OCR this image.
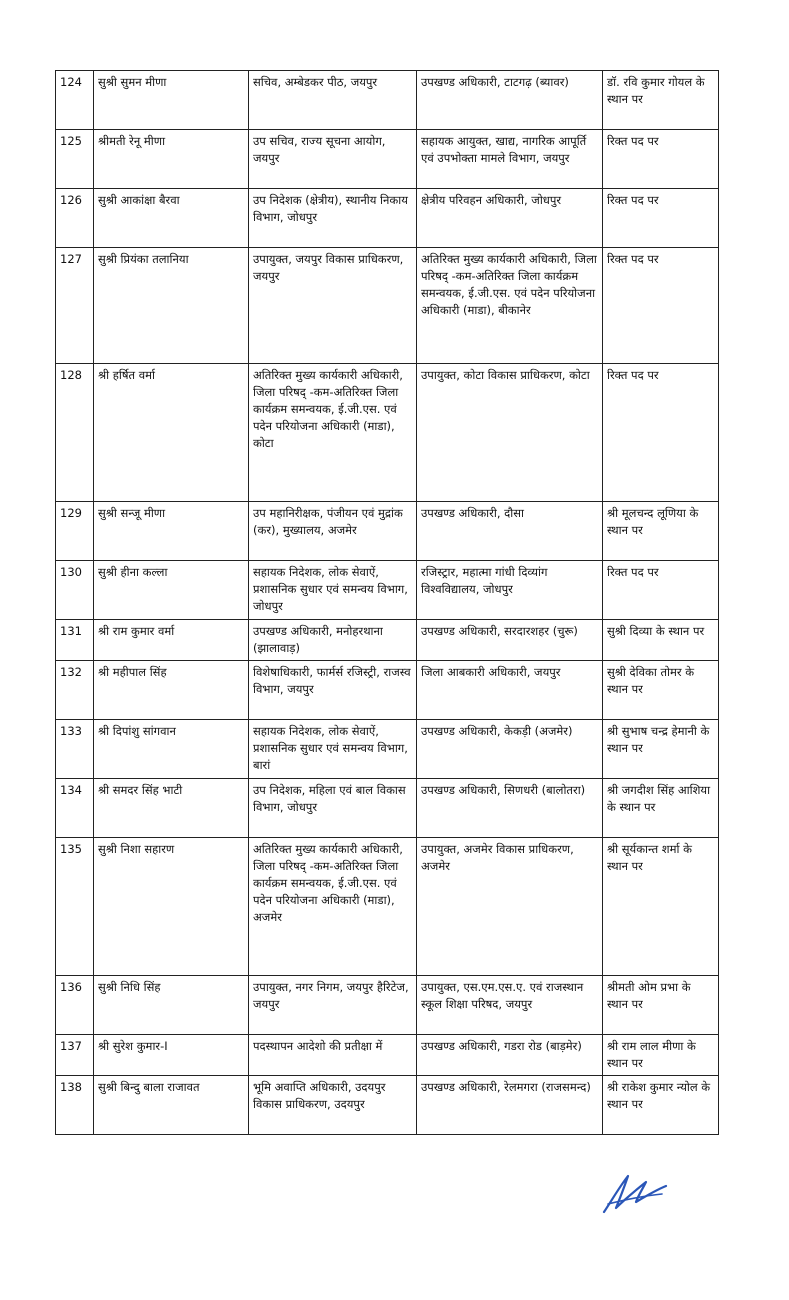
124	सुश्री सुमन मीणा	सचिव, अम्बेडकर पीठ, जयपुर	उपखण्ड अधिकारी, टाटगढ़ (ब्यावर)	डॉ. रवि कुमार गोयल के स्थान पर
125	श्रीमती रेनू मीणा	उप सचिव, राज्य सूचना आयोग, जयपुर	सहायक आयुक्त, खाद्य, नागरिक आपूर्ति एवं उपभोक्ता मामले विभाग, जयपुर	रिक्त पद पर
126	सुश्री आकांक्षा बैरवा	उप निदेशक (क्षेत्रीय), स्थानीय निकाय विभाग, जोधपुर	क्षेत्रीय परिवहन अधिकारी, जोधपुर	रिक्त पद पर
127	सुश्री प्रियंका तलानिया	उपायुक्त, जयपुर विकास प्राधिकरण, जयपुर	अतिरिक्त मुख्य कार्यकारी अधिकारी, जिला परिषद् -कम-अतिरिक्त जिला कार्यक्रम समन्वयक, ई.जी.एस. एवं पदेन परियोजना अधिकारी (माडा), बीकानेर	रिक्त पद पर
128	श्री हर्षित वर्मा	अतिरिक्त मुख्य कार्यकारी अधिकारी, जिला परिषद् -कम-अतिरिक्त जिला कार्यक्रम समन्वयक, ई.जी.एस. एवं पदेन परियोजना अधिकारी (माडा), कोटा	उपायुक्त, कोटा विकास प्राधिकरण, कोटा	रिक्त पद पर
129	सुश्री सन्जू मीणा	उप महानिरीक्षक, पंजीयन एवं मुद्रांक (कर), मुख्यालय, अजमेर	उपखण्ड अधिकारी, दौसा	श्री मूलचन्द लूणिया के स्थान पर
130	सुश्री हीना कल्ला	सहायक निदेशक, लोक सेवाऐं, प्रशासनिक सुधार एवं समन्वय विभाग, जोधपुर	रजिस्ट्रार, महात्मा गांधी दिव्यांग विश्वविद्यालय, जोधपुर	रिक्त पद पर
131	श्री राम कुमार वर्मा	उपखण्ड अधिकारी, मनोहरथाना (झालावाड़)	उपखण्ड अधिकारी, सरदारशहर (चुरू)	सुश्री दिव्या के स्थान पर
132	श्री महीपाल सिंह	विशेषाधिकारी, फार्मर्स रजिस्ट्री, राजस्व विभाग, जयपुर	जिला आबकारी अधिकारी, जयपुर	सुश्री देविका तोमर के स्थान पर
133	श्री दिपांशु सांगवान	सहायक निदेशक, लोक सेवाऐं, प्रशासनिक सुधार एवं समन्वय विभाग, बारां	उपखण्ड अधिकारी, केकड़ी (अजमेर)	श्री सुभाष चन्द्र हेमानी के स्थान पर
134	श्री समदर सिंह भाटी	उप निदेशक, महिला एवं बाल विकास विभाग, जोधपुर	उपखण्ड अधिकारी, सिणधरी (बालोतरा)	श्री जगदीश सिंह आशिया के स्थान पर
135	सुश्री निशा सहारण	अतिरिक्त मुख्य कार्यकारी अधिकारी, जिला परिषद् -कम-अतिरिक्त जिला कार्यक्रम समन्वयक, ई.जी.एस. एवं पदेन परियोजना अधिकारी (माडा), अजमेर	उपायुक्त, अजमेर विकास प्राधिकरण, अजमेर	श्री सूर्यकान्त शर्मा के स्थान पर
136	सुश्री निधि सिंह	उपायुक्त, नगर निगम, जयपुर हैरिटेज, जयपुर	उपायुक्त, एस.एम.एस.ए. एवं राजस्थान स्कूल शिक्षा परिषद, जयपुर	श्रीमती ओम प्रभा के स्थान पर
137	श्री सुरेश कुमार-I	पदस्थापन आदेशो की प्रतीक्षा में	उपखण्ड अधिकारी, गडरा रोड (बाड़मेर)	श्री राम लाल मीणा के स्थान पर
138	सुश्री बिन्दु बाला राजावत	भूमि अवाप्ति अधिकारी, उदयपुर विकास प्राधिकरण, उदयपुर	उपखण्ड अधिकारी, रेलमगरा (राजसमन्द)	श्री राकेश कुमार न्योल के स्थान पर
